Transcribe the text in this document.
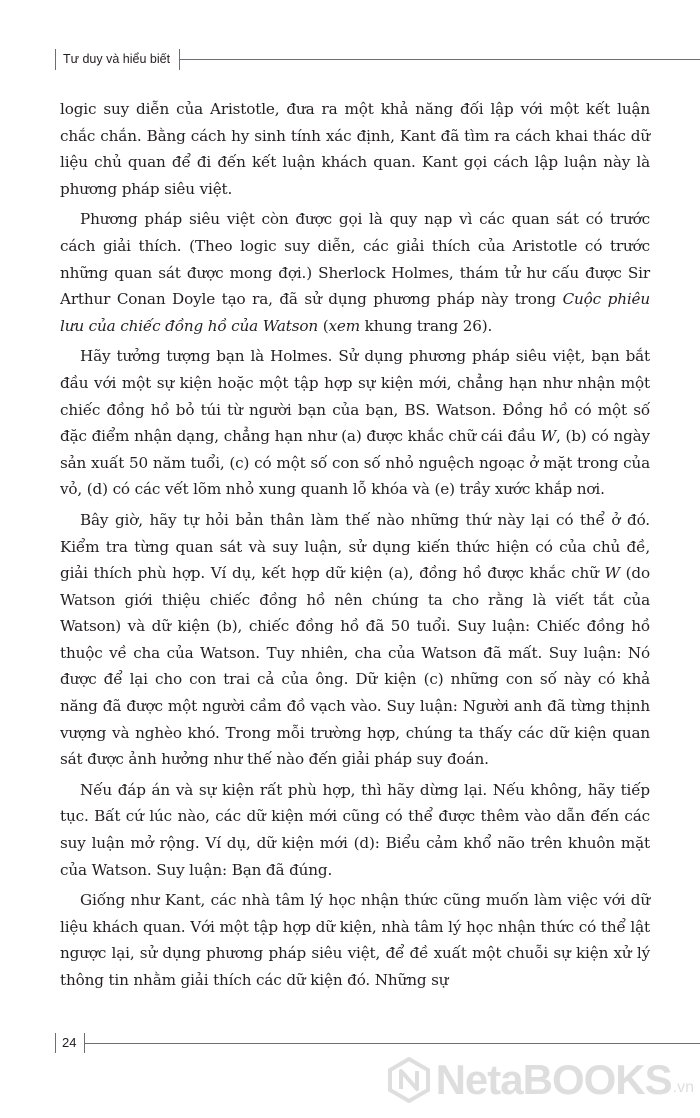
Tư duy và hiểu biết

logic suy diễn của Aristotle, đưa ra một khả năng đối lập với một kết luận chắc chắn. Bằng cách hy sinh tính xác định, Kant đã tìm ra cách khai thác dữ liệu chủ quan để đi đến kết luận khách quan. Kant gọi cách lập luận này là phương pháp siêu việt.

Phương pháp siêu việt còn được gọi là quy nạp vì các quan sát có trước cách giải thích. (Theo logic suy diễn, các giải thích của Aristotle có trước những quan sát được mong đợi.) Sherlock Holmes, thám tử hư cấu được Sir Arthur Conan Doyle tạo ra, đã sử dụng phương pháp này trong Cuộc phiêu lưu của chiếc đồng hồ của Watson (xem khung trang 26).

Hãy tưởng tượng bạn là Holmes. Sử dụng phương pháp siêu việt, bạn bắt đầu với một sự kiện hoặc một tập hợp sự kiện mới, chẳng hạn như nhận một chiếc đồng hồ bỏ túi từ người bạn của bạn, BS. Watson. Đồng hồ có một số đặc điểm nhận dạng, chẳng hạn như (a) được khắc chữ cái đầu W, (b) có ngày sản xuất 50 năm tuổi, (c) có một số con số nhỏ nguệch ngoạc ở mặt trong của vỏ, (d) có các vết lõm nhỏ xung quanh lỗ khóa và (e) trầy xước khắp nơi.

Bây giờ, hãy tự hỏi bản thân làm thế nào những thứ này lại có thể ở đó. Kiểm tra từng quan sát và suy luận, sử dụng kiến thức hiện có của chủ đề, giải thích phù hợp. Ví dụ, kết hợp dữ kiện (a), đồng hồ được khắc chữ W (do Watson giới thiệu chiếc đồng hồ nên chúng ta cho rằng là viết tắt của Watson) và dữ kiện (b), chiếc đồng hồ đã 50 tuổi. Suy luận: Chiếc đồng hồ thuộc về cha của Watson. Tuy nhiên, cha của Watson đã mất. Suy luận: Nó được để lại cho con trai cả của ông. Dữ kiện (c) những con số này có khả năng đã được một người cầm đồ vạch vào. Suy luận: Người anh đã từng thịnh vượng và nghèo khó. Trong mỗi trường hợp, chúng ta thấy các dữ kiện quan sát được ảnh hưởng như thế nào đến giải pháp suy đoán.

Nếu đáp án và sự kiện rất phù hợp, thì hãy dừng lại. Nếu không, hãy tiếp tục. Bất cứ lúc nào, các dữ kiện mới cũng có thể được thêm vào dẫn đến các suy luận mở rộng. Ví dụ, dữ kiện mới (d): Biểu cảm khổ não trên khuôn mặt của Watson. Suy luận: Bạn đã đúng.

Giống như Kant, các nhà tâm lý học nhận thức cũng muốn làm việc với dữ liệu khách quan. Với một tập hợp dữ kiện, nhà tâm lý học nhận thức có thể lật ngược lại, sử dụng phương pháp siêu việt, để đề xuất một chuỗi sự kiện xử lý thông tin nhằm giải thích các dữ kiện đó. Những sự

24
NetaBOOKS .vn
